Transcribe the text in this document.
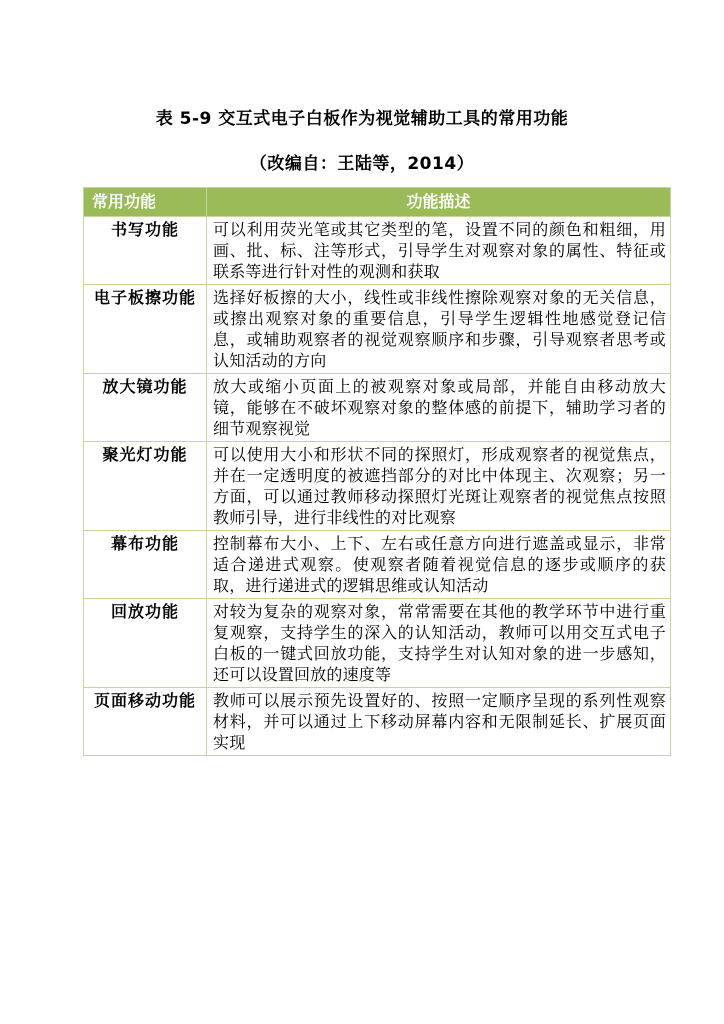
表 5-9 交互式电子白板作为视觉辅助工具的常用功能
（改编自：王陆等，2014）
常用功能	功能描述
书写功能	可以利用荧光笔或其它类型的笔，设置不同的颜色和粗细，用画、批、标、注等形式，引导学生对观察对象的属性、特征或联系等进行针对性的观测和获取
电子板擦功能	选择好板擦的大小，线性或非线性擦除观察对象的无关信息，或擦出观察对象的重要信息，引导学生逻辑性地感觉登记信息，或辅助观察者的视觉观察顺序和步骤，引导观察者思考或认知活动的方向
放大镜功能	放大或缩小页面上的被观察对象或局部，并能自由移动放大镜，能够在不破坏观察对象的整体感的前提下，辅助学习者的细节观察视觉
聚光灯功能	可以使用大小和形状不同的探照灯，形成观察者的视觉焦点，并在一定透明度的被遮挡部分的对比中体现主、次观察；另一方面，可以通过教师移动探照灯光斑让观察者的视觉焦点按照教师引导，进行非线性的对比观察
幕布功能	控制幕布大小、上下、左右或任意方向进行遮盖或显示，非常适合递进式观察。使观察者随着视觉信息的逐步或顺序的获取，进行递进式的逻辑思维或认知活动
回放功能	对较为复杂的观察对象，常常需要在其他的教学环节中进行重复观察，支持学生的深入的认知活动，教师可以用交互式电子白板的一键式回放功能，支持学生对认知对象的进一步感知，还可以设置回放的速度等
页面移动功能	教师可以展示预先设置好的、按照一定顺序呈现的系列性观察材料，并可以通过上下移动屏幕内容和无限制延长、扩展页面实现
